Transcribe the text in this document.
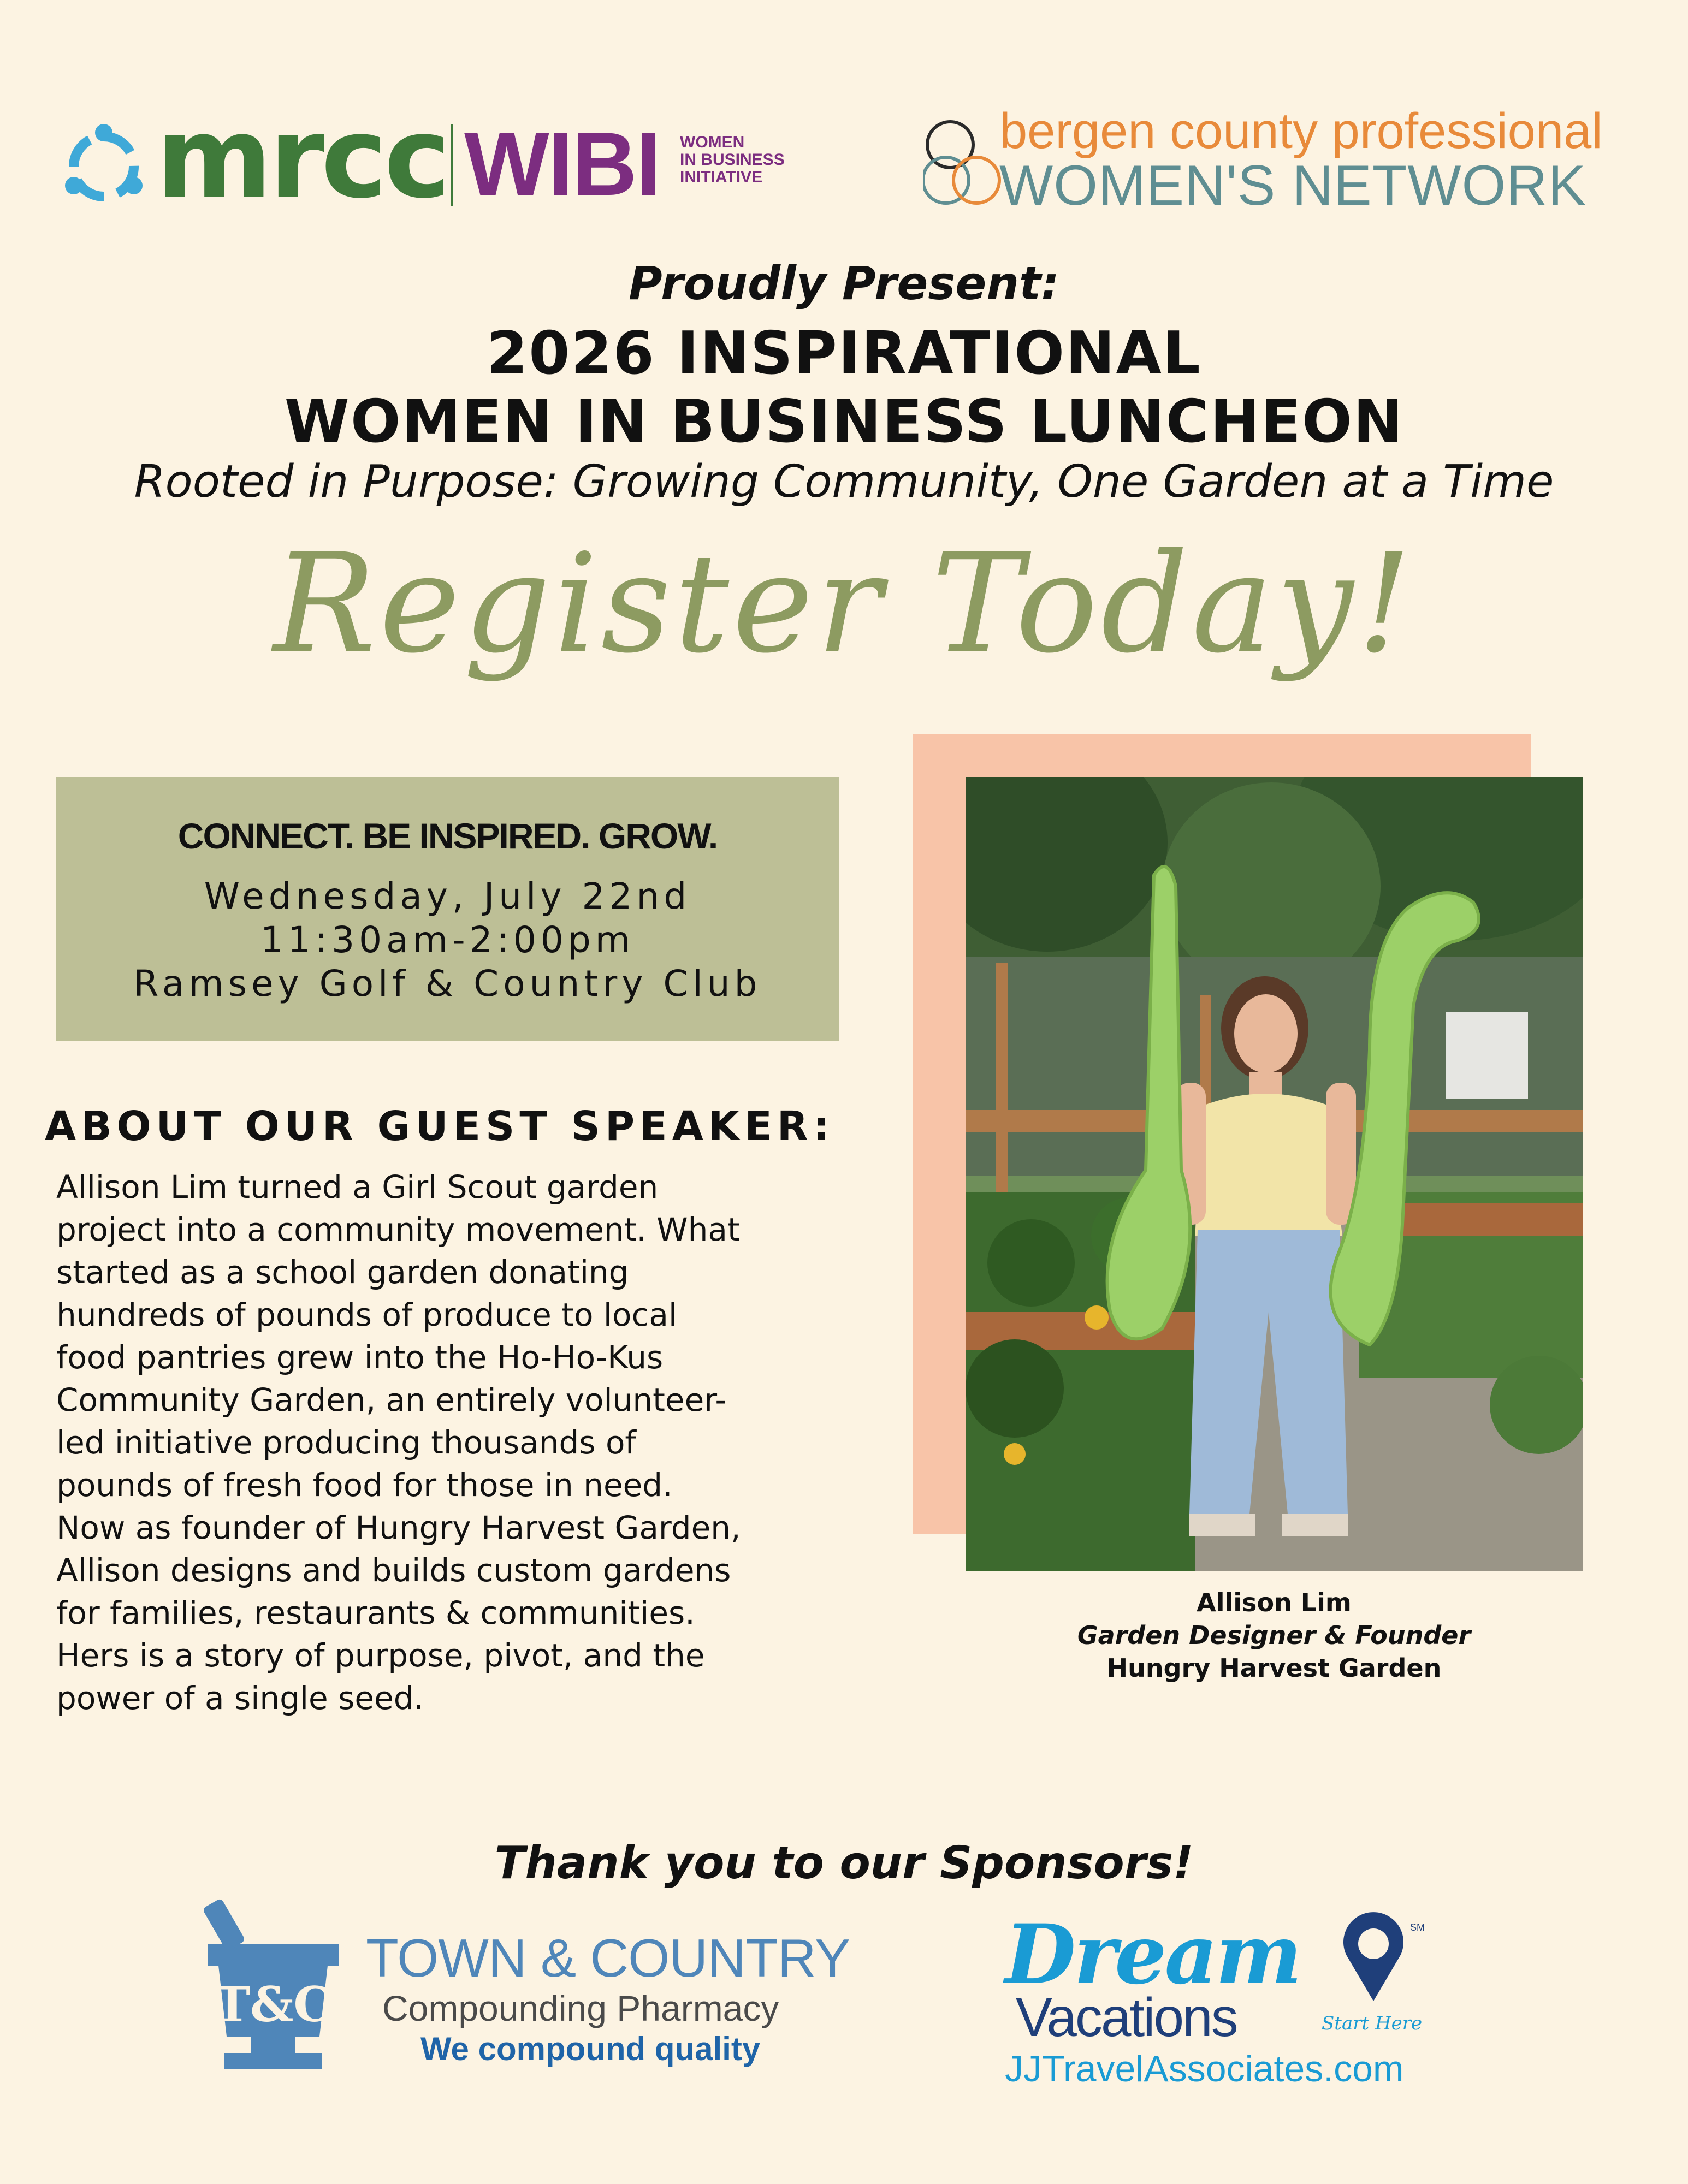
mrcc WIBI WOMEN
IN BUSINESS
INITIATIVE
bergen county professional
WOMEN'S NETWORK
Proudly Present:
2026 INSPIRATIONAL
WOMEN IN BUSINESS LUNCHEON
Rooted in Purpose: Growing Community, One Garden at a Time
Register Today!
CONNECT. BE INSPIRED. GROW.
Wednesday, July 22nd
11:30am-2:00pm
Ramsey Golf & Country Club
ABOUT OUR GUEST SPEAKER:
Allison Lim turned a Girl Scout garden
project into a community movement. What
started as a school garden donating
hundreds of pounds of produce to local
food pantries grew into the Ho-Ho-Kus
Community Garden, an entirely volunteer-
led initiative producing thousands of
pounds of fresh food for those in need.
Now as founder of Hungry Harvest Garden,
Allison designs and builds custom gardens
for families, restaurants & communities.
Hers is a story of purpose, pivot, and the
power of a single seed.
Allison Lim
Garden Designer & Founder
Hungry Harvest Garden
Thank you to our Sponsors!
T&C
TOWN & COUNTRY
Compounding Pharmacy
We compound quality
Dream	SM
Vacations	Start Here
JJTravelAssociates.com
